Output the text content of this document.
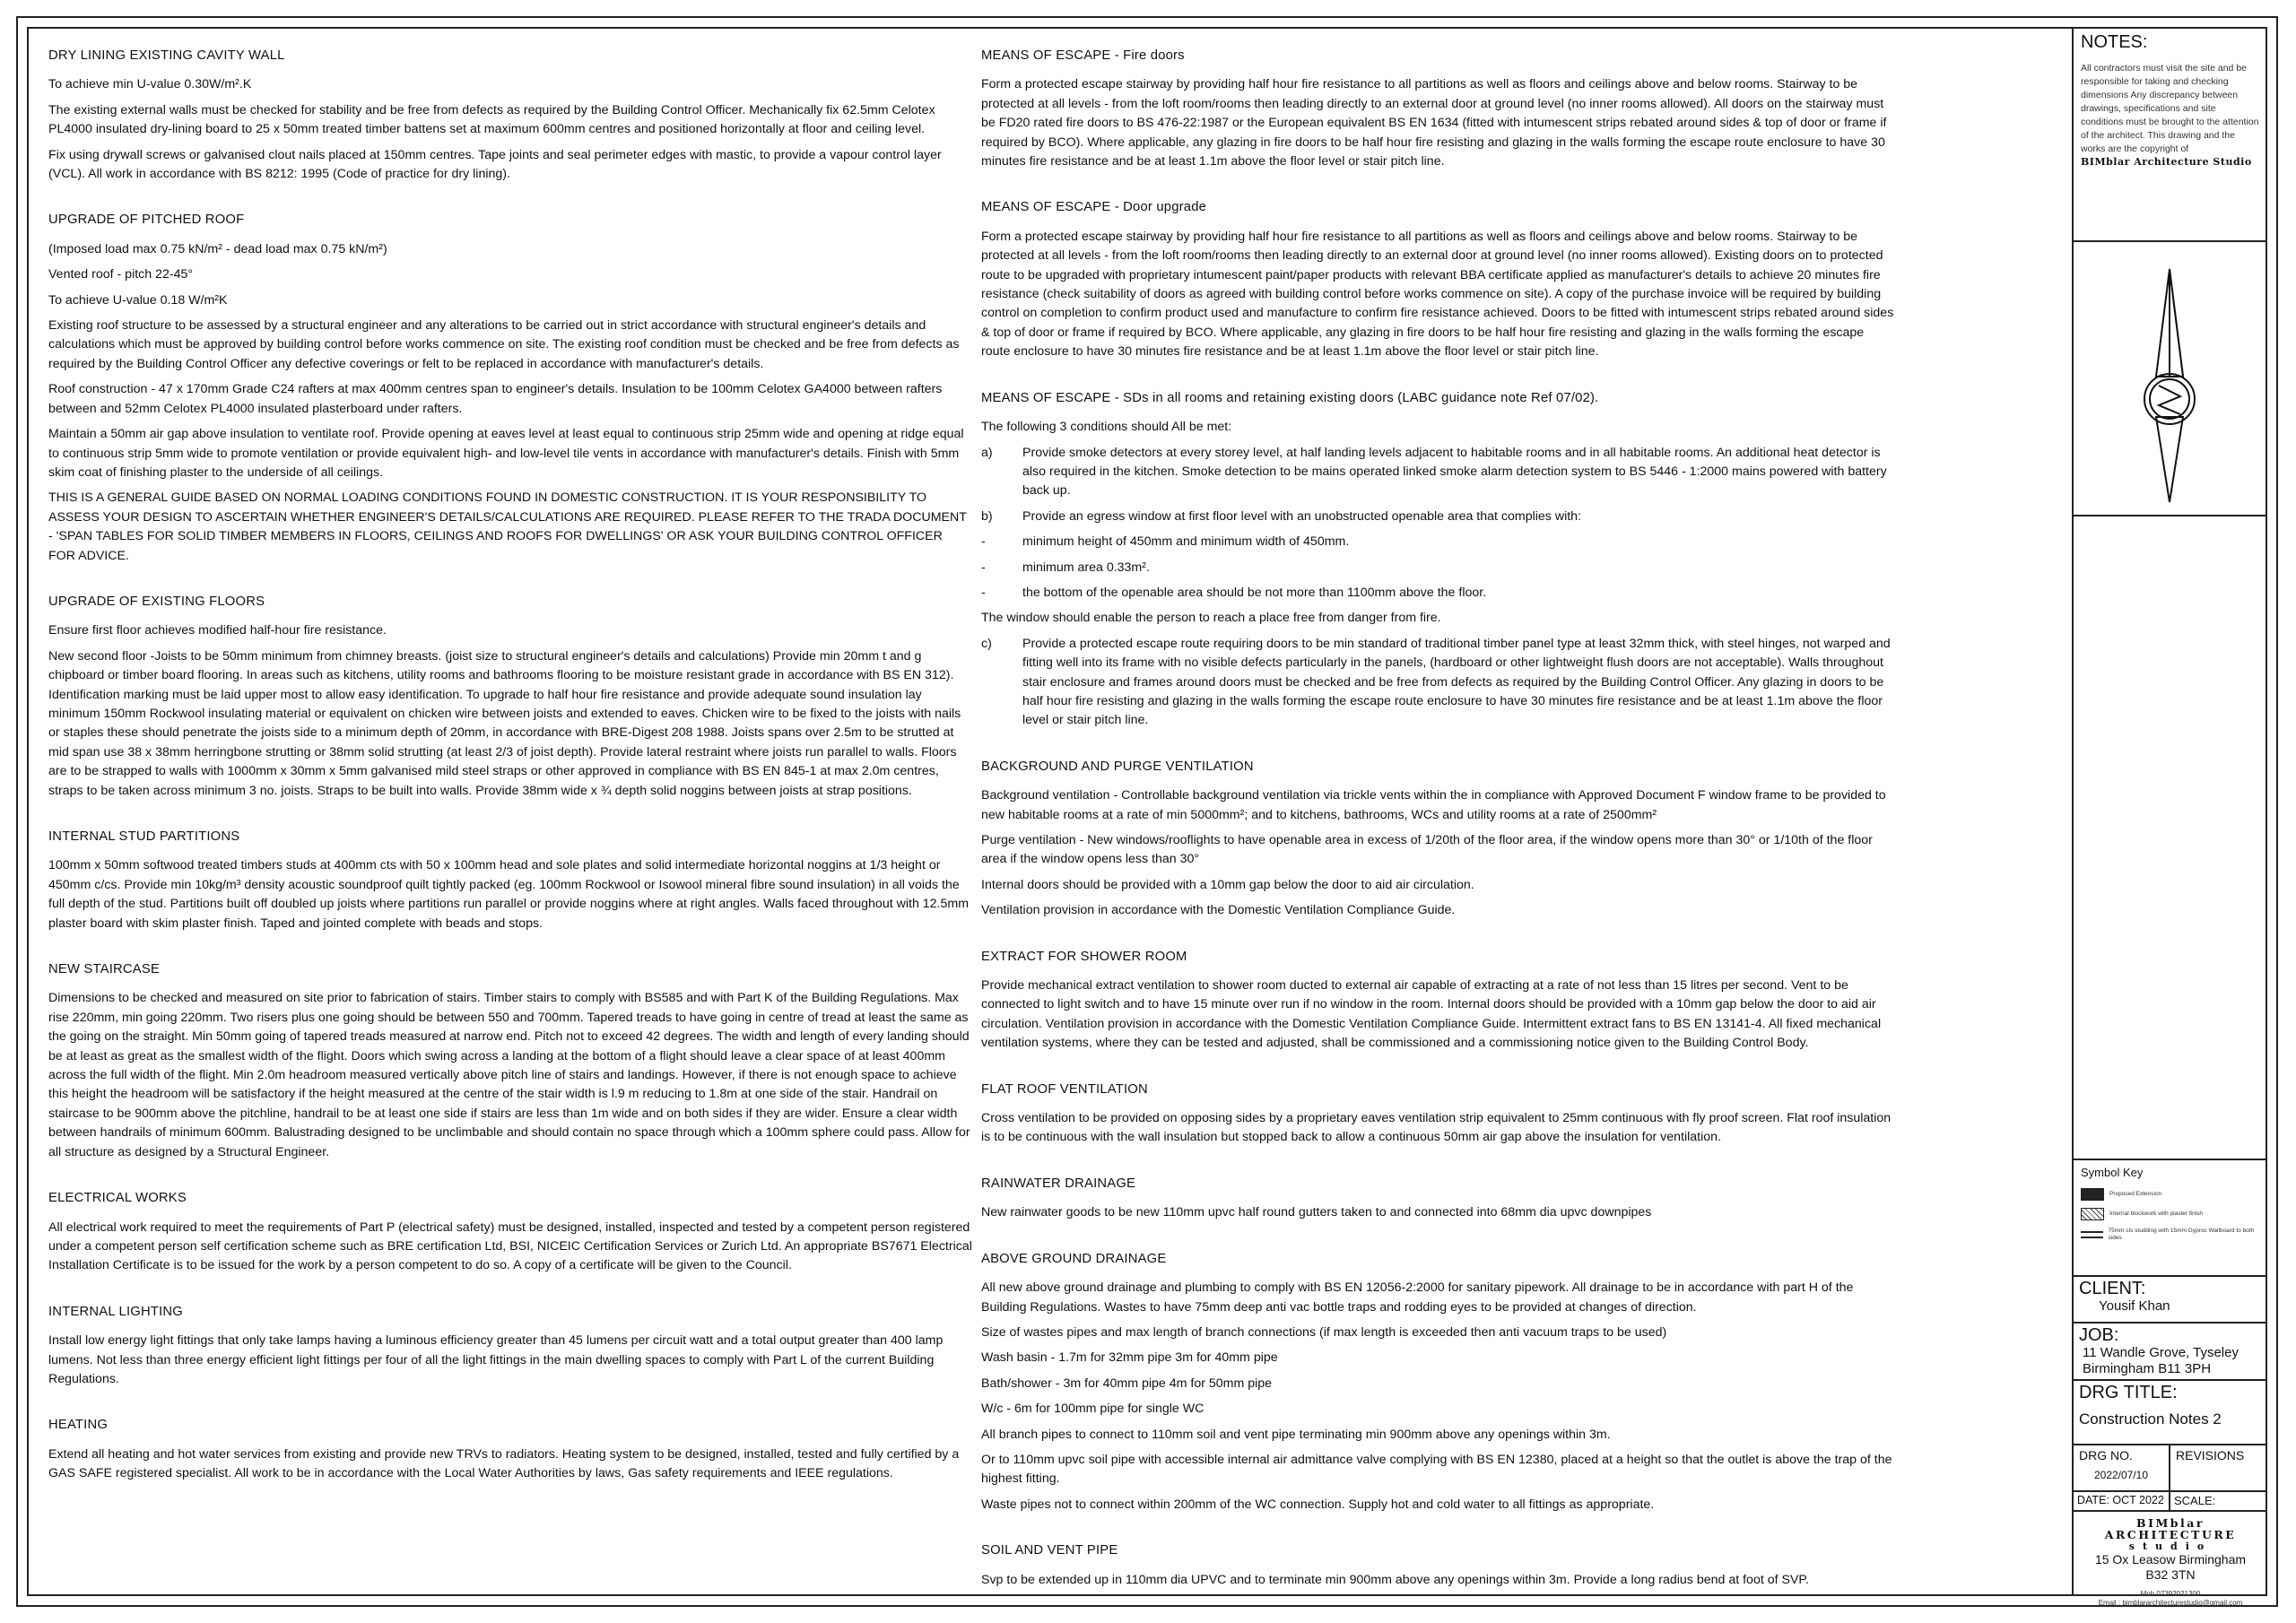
DRY LINING EXISTING CAVITY WALL
To achieve min U-value 0.30W/m².K
The existing external walls must be checked for stability and be free from defects as required by the Building Control Officer. Mechanically fix 62.5mm Celotex PL4000 insulated dry-lining board to 25 x 50mm treated timber battens set at maximum 600mm centres and positioned horizontally at floor and ceiling level.
Fix using drywall screws or galvanised clout nails placed at 150mm centres. Tape joints and seal perimeter edges with mastic, to provide a vapour control layer (VCL). All work in accordance with BS 8212: 1995 (Code of practice for dry lining).
UPGRADE OF PITCHED ROOF
(Imposed load max 0.75 kN/m² - dead load max 0.75 kN/m²)
Vented roof - pitch 22-45°
To achieve U-value 0.18 W/m²K
Existing roof structure to be assessed by a structural engineer and any alterations to be carried out in strict accordance with structural engineer's details and calculations which must be approved by building control before works commence on site. The existing roof condition must be checked and be free from defects as required by the Building Control Officer any defective coverings or felt to be replaced in accordance with manufacturer's details.
Roof construction - 47 x 170mm Grade C24 rafters at max 400mm centres span to engineer's details. Insulation to be 100mm Celotex GA4000 between rafters between and 52mm Celotex PL4000 insulated plasterboard under rafters.
Maintain a 50mm air gap above insulation to ventilate roof. Provide opening at eaves level at least equal to continuous strip 25mm wide and opening at ridge equal to continuous strip 5mm wide to promote ventilation or provide equivalent high- and low-level tile vents in accordance with manufacturer's details. Finish with 5mm skim coat of finishing plaster to the underside of all ceilings.
THIS IS A GENERAL GUIDE BASED ON NORMAL LOADING CONDITIONS FOUND IN DOMESTIC CONSTRUCTION. IT IS YOUR RESPONSIBILITY TO ASSESS YOUR DESIGN TO ASCERTAIN WHETHER ENGINEER'S DETAILS/CALCULATIONS ARE REQUIRED. PLEASE REFER TO THE TRADA DOCUMENT - 'SPAN TABLES FOR SOLID TIMBER MEMBERS IN FLOORS, CEILINGS AND ROOFS FOR DWELLINGS' OR ASK YOUR BUILDING CONTROL OFFICER FOR ADVICE.
UPGRADE OF EXISTING FLOORS
Ensure first floor achieves modified half-hour fire resistance.
New second floor -Joists to be 50mm minimum from chimney breasts. (joist size to structural engineer's details and calculations) Provide min 20mm t and g chipboard or timber board flooring. In areas such as kitchens, utility rooms and bathrooms flooring to be moisture resistant grade in accordance with BS EN 312). Identification marking must be laid upper most to allow easy identification. To upgrade to half hour fire resistance and provide adequate sound insulation lay minimum 150mm Rockwool insulating material or equivalent on chicken wire between joists and extended to eaves. Chicken wire to be fixed to the joists with nails or staples these should penetrate the joists side to a minimum depth of 20mm, in accordance with BRE-Digest 208 1988. Joists spans over 2.5m to be strutted at mid span use 38 x 38mm herringbone strutting or 38mm solid strutting (at least 2/3 of joist depth). Provide lateral restraint where joists run parallel to walls. Floors are to be strapped to walls with 1000mm x 30mm x 5mm galvanised mild steel straps or other approved in compliance with BS EN 845-1 at max 2.0m centres, straps to be taken across minimum 3 no. joists. Straps to be built into walls. Provide 38mm wide x ¾ depth solid noggins between joists at strap positions.
INTERNAL STUD PARTITIONS
100mm x 50mm softwood treated timbers studs at 400mm cts with 50 x 100mm head and sole plates and solid intermediate horizontal noggins at 1/3 height or 450mm c/cs. Provide min 10kg/m³ density acoustic soundproof quilt tightly packed (eg. 100mm Rockwool or Isowool mineral fibre sound insulation) in all voids the full depth of the stud. Partitions built off doubled up joists where partitions run parallel or provide noggins where at right angles. Walls faced throughout with 12.5mm plaster board with skim plaster finish. Taped and jointed complete with beads and stops.
NEW STAIRCASE
Dimensions to be checked and measured on site prior to fabrication of stairs. Timber stairs to comply with BS585 and with Part K of the Building Regulations. Max rise 220mm, min going 220mm. Two risers plus one going should be between 550 and 700mm. Tapered treads to have going in centre of tread at least the same as the going on the straight. Min 50mm going of tapered treads measured at narrow end. Pitch not to exceed 42 degrees. The width and length of every landing should be at least as great as the smallest width of the flight. Doors which swing across a landing at the bottom of a flight should leave a clear space of at least 400mm across the full width of the flight. Min 2.0m headroom measured vertically above pitch line of stairs and landings. However, if there is not enough space to achieve this height the headroom will be satisfactory if the height measured at the centre of the stair width is l.9 m reducing to 1.8m at one side of the stair. Handrail on staircase to be 900mm above the pitchline, handrail to be at least one side if stairs are less than 1m wide and on both sides if they are wider. Ensure a clear width between handrails of minimum 600mm. Balustrading designed to be unclimbable and should contain no space through which a 100mm sphere could pass. Allow for all structure as designed by a Structural Engineer.
ELECTRICAL WORKS
All electrical work required to meet the requirements of Part P (electrical safety) must be designed, installed, inspected and tested by a competent person registered under a competent person self certification scheme such as BRE certification Ltd, BSI, NICEIC Certification Services or Zurich Ltd. An appropriate BS7671 Electrical Installation Certificate is to be issued for the work by a person competent to do so. A copy of a certificate will be given to the Council.
INTERNAL LIGHTING
Install low energy light fittings that only take lamps having a luminous efficiency greater than 45 lumens per circuit watt and a total output greater than 400 lamp lumens. Not less than three energy efficient light fittings per four of all the light fittings in the main dwelling spaces to comply with Part L of the current Building Regulations.
HEATING
Extend all heating and hot water services from existing and provide new TRVs to radiators. Heating system to be designed, installed, tested and fully certified by a GAS SAFE registered specialist. All work to be in accordance with the Local Water Authorities by laws, Gas safety requirements and IEEE regulations.
MEANS OF ESCAPE - Fire doors
Form a protected escape stairway by providing half hour fire resistance to all partitions as well as floors and ceilings above and below rooms. Stairway to be protected at all levels - from the loft room/rooms then leading directly to an external door at ground level (no inner rooms allowed). All doors on the stairway must be FD20 rated fire doors to BS 476-22:1987 or the European equivalent BS EN 1634 (fitted with intumescent strips rebated around sides & top of door or frame if required by BCO). Where applicable, any glazing in fire doors to be half hour fire resisting and glazing in the walls forming the escape route enclosure to have 30 minutes fire resistance and be at least 1.1m above the floor level or stair pitch line.
MEANS OF ESCAPE - Door upgrade
Form a protected escape stairway by providing half hour fire resistance to all partitions as well as floors and ceilings above and below rooms. Stairway to be protected at all levels - from the loft room/rooms then leading directly to an external door at ground level (no inner rooms allowed). Existing doors on to protected route to be upgraded with proprietary intumescent paint/paper products with relevant BBA certificate applied as manufacturer's details to achieve 20 minutes fire resistance (check suitability of doors as agreed with building control before works commence on site). A copy of the purchase invoice will be required by building control on completion to confirm product used and manufacture to confirm fire resistance achieved. Doors to be fitted with intumescent strips rebated around sides & top of door or frame if required by BCO. Where applicable, any glazing in fire doors to be half hour fire resisting and glazing in the walls forming the escape route enclosure to have 30 minutes fire resistance and be at least 1.1m above the floor level or stair pitch line.
MEANS OF ESCAPE - SDs in all rooms and retaining existing doors (LABC guidance note Ref 07/02).
The following 3 conditions should All be met:
a)	Provide smoke detectors at every storey level, at half landing levels adjacent to habitable rooms and in all habitable rooms. An additional heat detector is also required in the kitchen. Smoke detection to be mains operated linked smoke alarm detection system to BS 5446 - 1:2000 mains powered with battery back up.
b)	Provide an egress window at first floor level with an unobstructed openable area that complies with:
-	minimum height of 450mm and minimum width of 450mm.
-	minimum area 0.33m².
-	the bottom of the openable area should be not more than 1100mm above the floor.
The window should enable the person to reach a place free from danger from fire.
c)	Provide a protected escape route requiring doors to be min standard of traditional timber panel type at least 32mm thick, with steel hinges, not warped and fitting well into its frame with no visible defects particularly in the panels, (hardboard or other lightweight flush doors are not acceptable). Walls throughout stair enclosure and frames around doors must be checked and be free from defects as required by the Building Control Officer. Any glazing in doors to be half hour fire resisting and glazing in the walls forming the escape route enclosure to have 30 minutes fire resistance and be at least 1.1m above the floor level or stair pitch line.
BACKGROUND AND PURGE VENTILATION
Background ventilation - Controllable background ventilation via trickle vents within the in compliance with Approved Document F window frame to be provided to new habitable rooms at a rate of min 5000mm²; and to kitchens, bathrooms, WCs and utility rooms at a rate of 2500mm²
Purge ventilation - New windows/rooflights to have openable area in excess of 1/20th of the floor area, if the window opens more than 30° or 1/10th of the floor area if the window opens less than 30°
Internal doors should be provided with a 10mm gap below the door to aid air circulation.
Ventilation provision in accordance with the Domestic Ventilation Compliance Guide.
EXTRACT FOR SHOWER ROOM
Provide mechanical extract ventilation to shower room ducted to external air capable of extracting at a rate of not less than 15 litres per second. Vent to be connected to light switch and to have 15 minute over run if no window in the room. Internal doors should be provided with a 10mm gap below the door to aid air circulation. Ventilation provision in accordance with the Domestic Ventilation Compliance Guide. Intermittent extract fans to BS EN 13141-4. All fixed mechanical ventilation systems, where they can be tested and adjusted, shall be commissioned and a commissioning notice given to the Building Control Body.
FLAT ROOF VENTILATION
Cross ventilation to be provided on opposing sides by a proprietary eaves ventilation strip equivalent to 25mm continuous with fly proof screen. Flat roof insulation is to be continuous with the wall insulation but stopped back to allow a continuous 50mm air gap above the insulation for ventilation.
RAINWATER DRAINAGE
New rainwater goods to be new 110mm upvc half round gutters taken to and connected into 68mm dia upvc downpipes
ABOVE GROUND DRAINAGE
All new above ground drainage and plumbing to comply with BS EN 12056-2:2000 for sanitary pipework. All drainage to be in accordance with part H of the Building Regulations. Wastes to have 75mm deep anti vac bottle traps and rodding eyes to be provided at changes of direction.
Size of wastes pipes and max length of branch connections (if max length is exceeded then anti vacuum traps to be used)
Wash basin - 1.7m for 32mm pipe 3m for 40mm pipe
Bath/shower - 3m for 40mm pipe 4m for 50mm pipe
W/c - 6m for 100mm pipe for single WC
All branch pipes to connect to 110mm soil and vent pipe terminating min 900mm above any openings within 3m.
Or to 110mm upvc soil pipe with accessible internal air admittance valve complying with BS EN 12380, placed at a height so that the outlet is above the trap of the highest fitting.
Waste pipes not to connect within 200mm of the WC connection. Supply hot and cold water to all fittings as appropriate.
SOIL AND VENT PIPE
Svp to be extended up in 110mm dia UPVC and to terminate min 900mm above any openings within 3m. Provide a long radius bend at foot of SVP.
NOTES:
All contractors must visit the site and be responsible for taking and checking dimensions Any discrepancy between drawings, specifications and site conditions must be brought to the attention of the architect. This drawing and the works are the copyright of
BIMblar Architecture Studio
Symbol Key
Proposed Extension
Internal blockwork with plaster finish
75mm cls studding with 15mm Gyproc Wallboard to both sides
CLIENT:
Yousif Khan
JOB:
11 Wandle Grove, Tyseley
Birmingham B11 3PH
DRG TITLE:
Construction Notes 2
DRG NO.
2022/07/10
REVISIONS
DATE: OCT 2022 SCALE:
BIMblar ARCHITECTURE
studio
15 Ox Leasow Birmingham
B32 3TN
Mob 07392021300
Email : bimblararchitecturestudio@gmail.com
